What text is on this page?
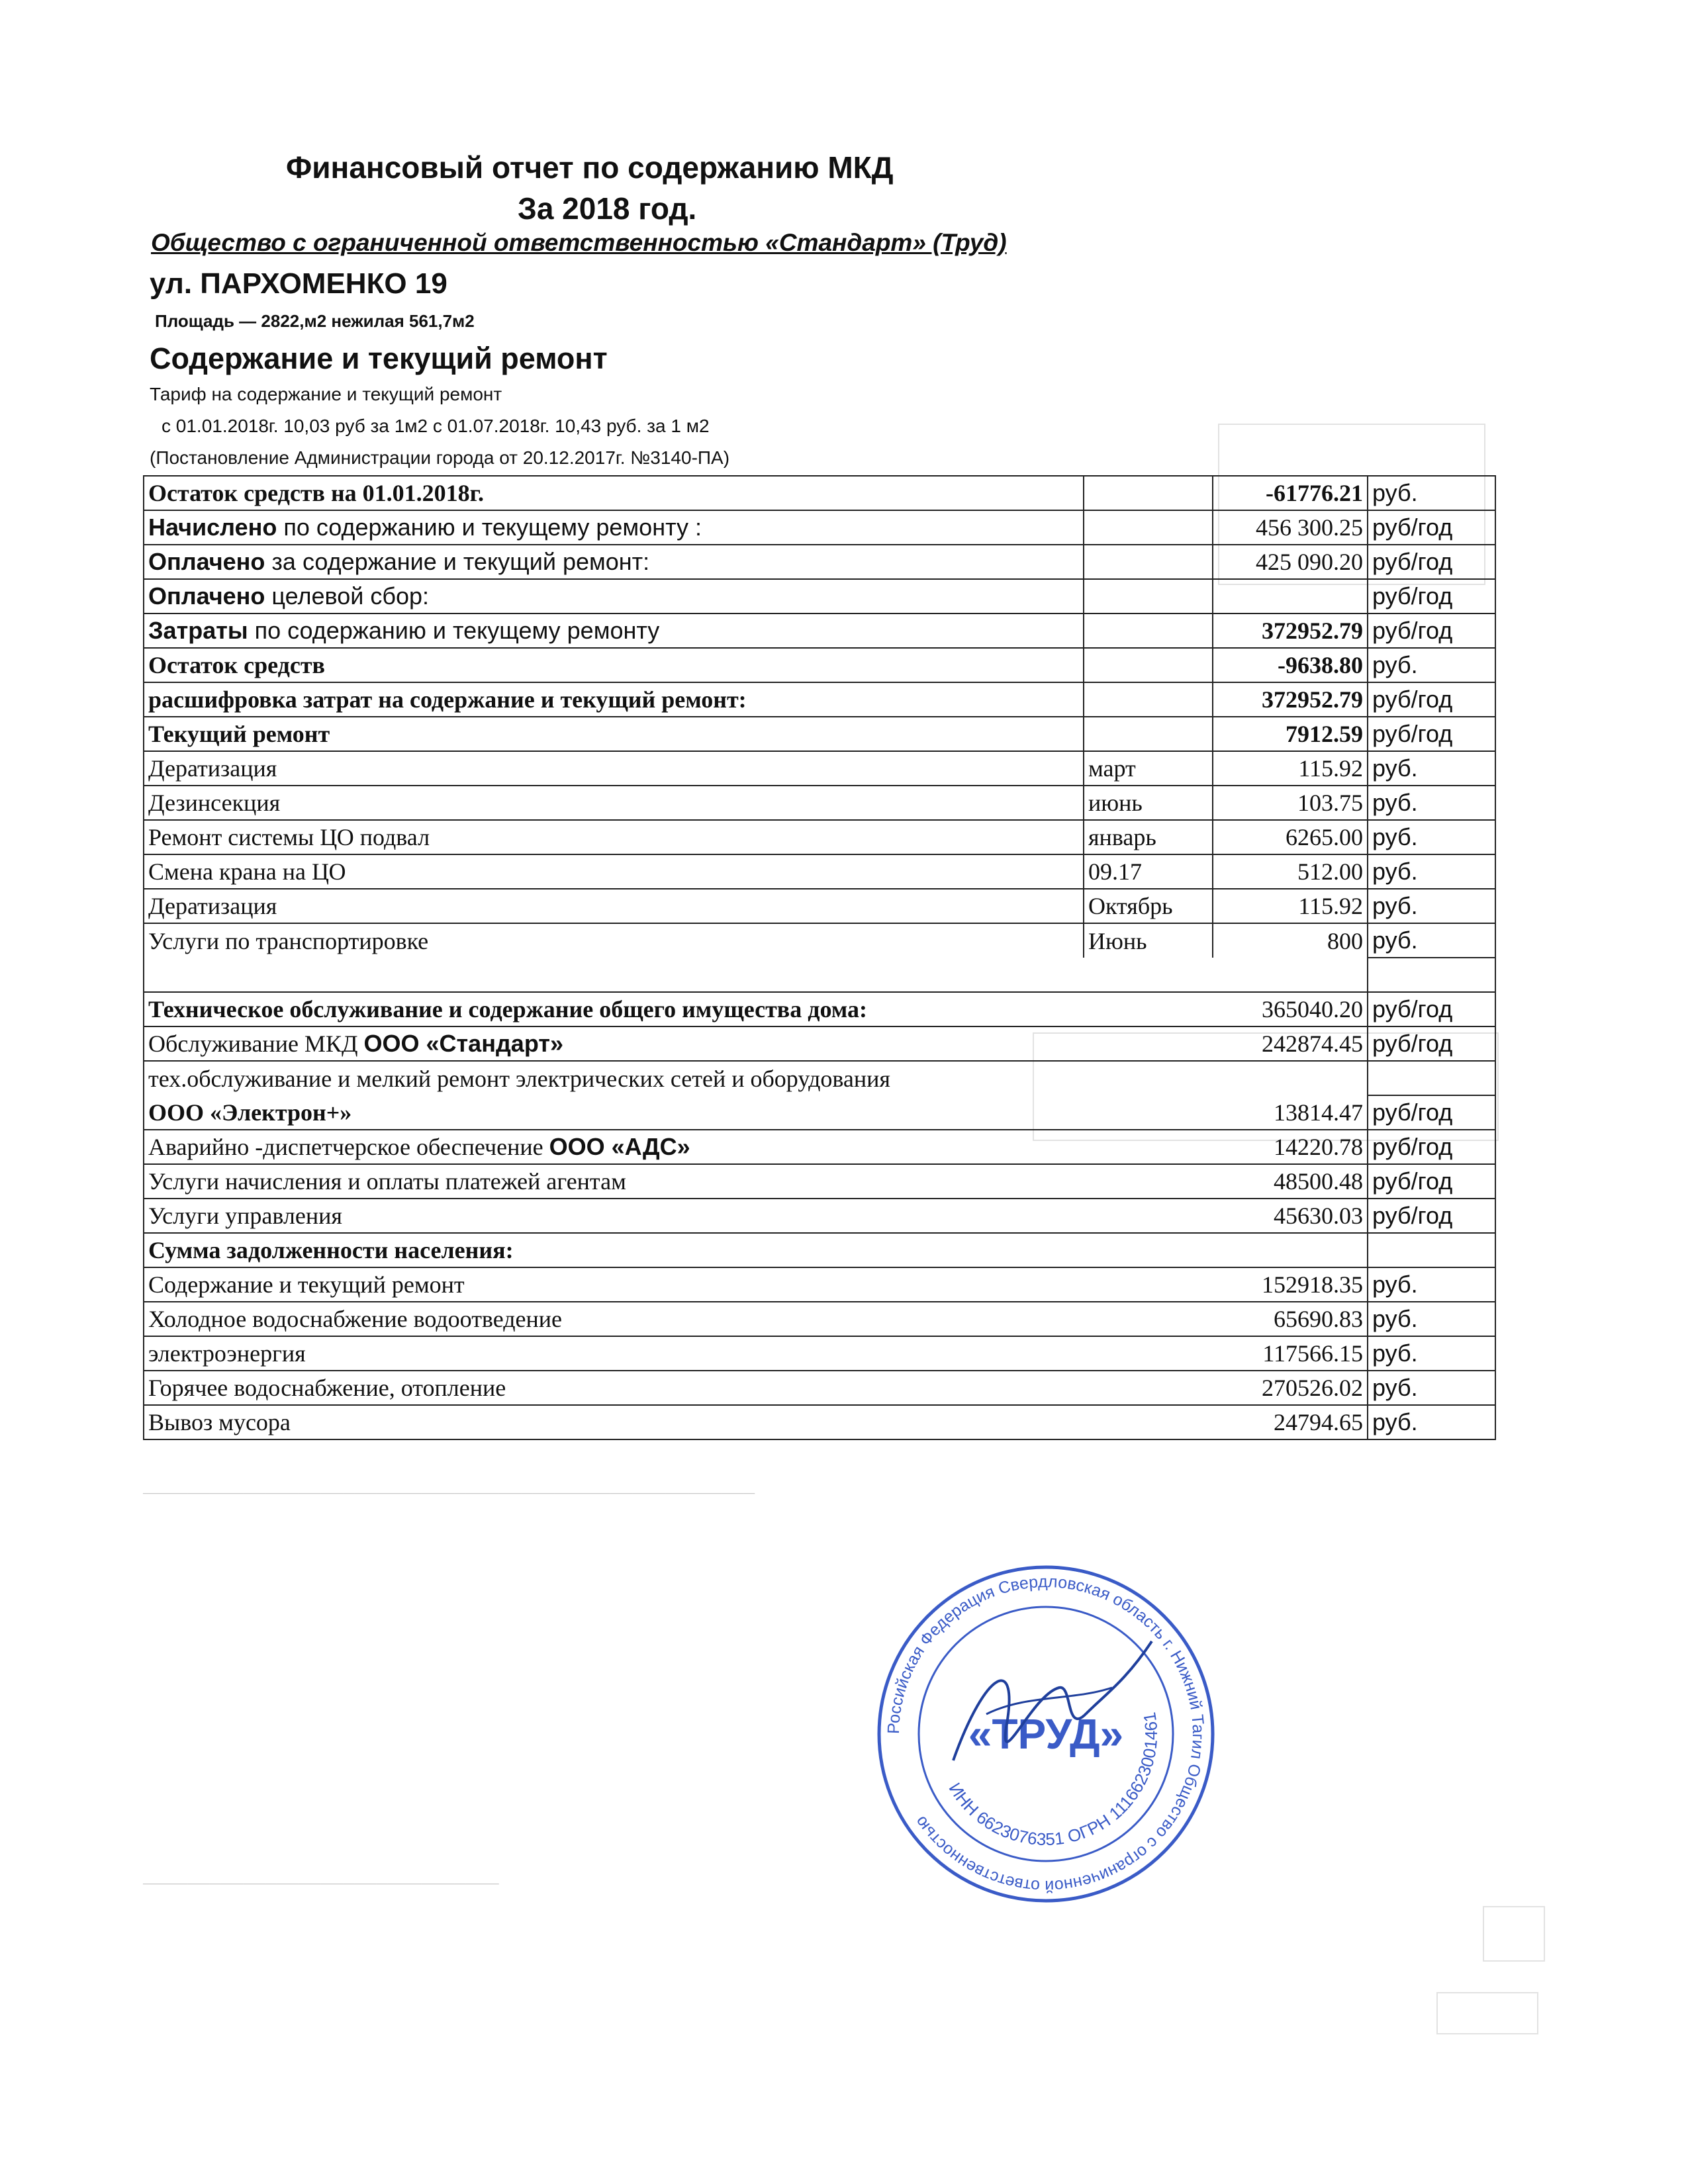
_______________________________________________________
________________________________
Финансовый отчет по содержанию МКД
За 2018 год.
Общество с ограниченной ответственностью «Стандарт» (Труд)
ул. ПАРХОМЕНКО 19
Площадь — 2822,м2 нежилая 561,7м2
Содержание и текущий ремонт
Тариф на содержание и текущий ремонт
с 01.01.2018г. 10,03 руб за 1м2 с 01.07.2018г. 10,43 руб. за 1 м2
(Постановление Администрации города от 20.12.2017г. №3140-ПА)
Остаток средств на 01.01.2018г.		-61776.21	руб.
Начислено по содержанию и текущему ремонту :		456 300.25	руб/год
Оплачено за содержание и текущий ремонт:		425 090.20	руб/год
Оплачено целевой сбор:			руб/год
Затраты по содержанию и текущему ремонту		372952.79	руб/год
Остаток средств		-9638.80	руб.
расшифровка затрат на содержание и текущий ремонт:		372952.79	руб/год
Текущий ремонт		7912.59	руб/год
Дератизация	март	115.92	руб.
Дезинсекция	июнь	103.75	руб.
Ремонт системы ЦО подвал	январь	6265.00	руб.
Смена крана на ЦО	09.17	512.00	руб.
Дератизация	Октябрь	115.92	руб.
Услуги по транспортировке	Июнь	800	руб.

Техническое обслуживание и содержание общего имущества дома:		365040.20	руб/год
Обслуживание МКД ООО «Стандарт»		242874.45	руб/год
тех.обслуживание и мелкий ремонт электрических сетей и оборудования			
ООО «Электрон+»		13814.47	руб/год
Аварийно -диспетчерское обеспечение ООО «АДС»		14220.78	руб/год
Услуги начисления и оплаты платежей агентам		48500.48	руб/год
Услуги управления		45630.03	руб/год
Сумма задолженности населения:			
Содержание и текущий ремонт		152918.35	руб.
Холодное водоснабжение водоотведение		65690.83	руб.
электроэнергия		117566.15	руб.
Горячее водоснабжение, отопление		270526.02	руб.
Вывоз мусора		24794.65	руб.
Российская Федерация Свердловская область г. Нижний Тагил Общество с ограниченной ответственностью
ИНН 6623076351 ОГРН 1116623001461
«ТРУД»
